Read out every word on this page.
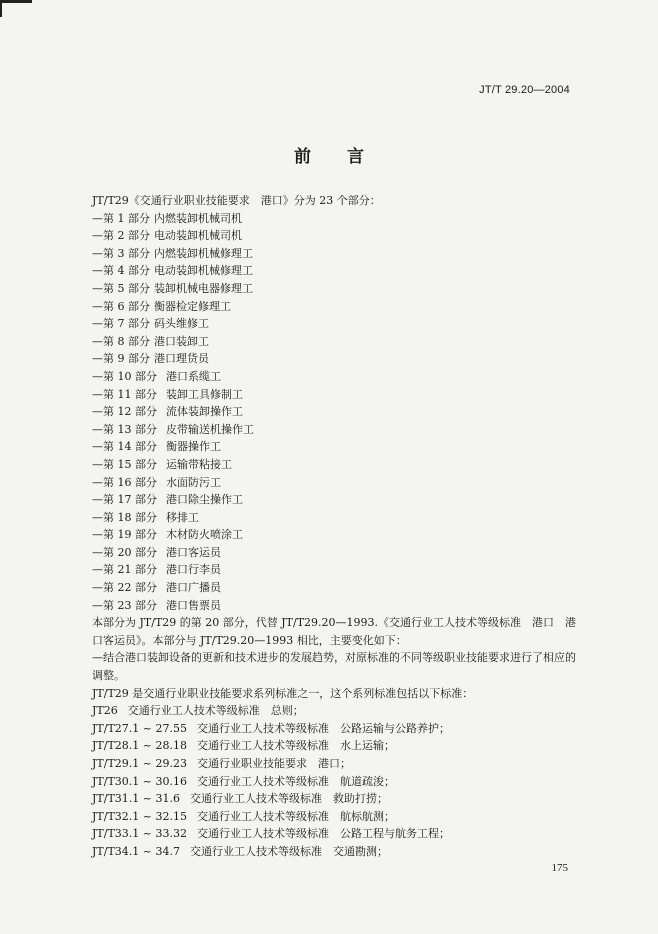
JT/T 29.20—2004
前 言
JT/T29《交通行业职业技能要求　港口》分为 23 个部分：
—第 1 部分 内燃装卸机械司机
—第 2 部分 电动装卸机械司机
—第 3 部分 内燃装卸机械修理工
—第 4 部分 电动装卸机械修理工
—第 5 部分 装卸机械电器修理工
—第 6 部分 衡器检定修理工
—第 7 部分 码头维修工
—第 8 部分 港口装卸工
—第 9 部分 港口理货员
—第 10 部分 港口系缆工
—第 11 部分 装卸工具修制工
—第 12 部分 流体装卸操作工
—第 13 部分 皮带输送机操作工
—第 14 部分 衡器操作工
—第 15 部分 运输带粘接工
—第 16 部分 水面防污工
—第 17 部分 港口除尘操作工
—第 18 部分 移排工
—第 19 部分 木材防火喷涂工
—第 20 部分 港口客运员
—第 21 部分 港口行李员
—第 22 部分 港口广播员
—第 23 部分 港口售票员
本部分为 JT/T29 的第 20 部分，代替 JT/T29.20—1993.《交通行业工人技术等级标准　港口　港口客运员》。本部分与 JT/T29.20—1993 相比，主要变化如下：
—结合港口装卸设备的更新和技术进步的发展趋势，对原标准的不同等级职业技能要求进行了相应的调整。
JT/T29 是交通行业职业技能要求系列标准之一，这个系列标准包括以下标准：
JT26 交通行业工人技术等级标准　总则；
JT/T27.1 ~ 27.55 交通行业工人技术等级标准　公路运输与公路养护；
JT/T28.1 ~ 28.18 交通行业工人技术等级标准　水上运输；
JT/T29.1 ~ 29.23 交通行业职业技能要求　港口；
JT/T30.1 ~ 30.16 交通行业工人技术等级标准　航道疏浚；
JT/T31.1 ~ 31.6 交通行业工人技术等级标准　救助打捞；
JT/T32.1 ~ 32.15 交通行业工人技术等级标准　航标航测；
JT/T33.1 ~ 33.32 交通行业工人技术等级标准　公路工程与航务工程；
JT/T34.1 ~ 34.7 交通行业工人技术等级标准　交通勘测；
175
